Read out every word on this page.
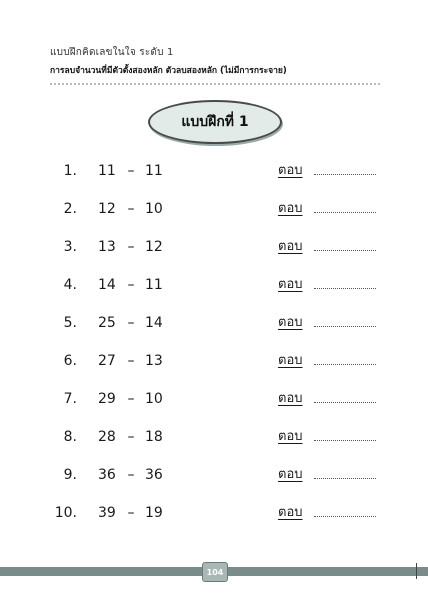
แบบฝึกคิดเลขในใจ ระดับ 1
การลบจำนวนที่มีตัวตั้งสองหลัก ตัวลบสองหลัก (ไม่มีการกระจาย)
แบบฝึกที่ 1
1. 11 – 11	ตอบ
2. 12 – 10	ตอบ
3. 13 – 12	ตอบ
4. 14 – 11	ตอบ
5. 25 – 14	ตอบ
6. 27 – 13	ตอบ
7. 29 – 10	ตอบ
8. 28 – 18	ตอบ
9. 36 – 36	ตอบ
10. 39 – 19	ตอบ
104
